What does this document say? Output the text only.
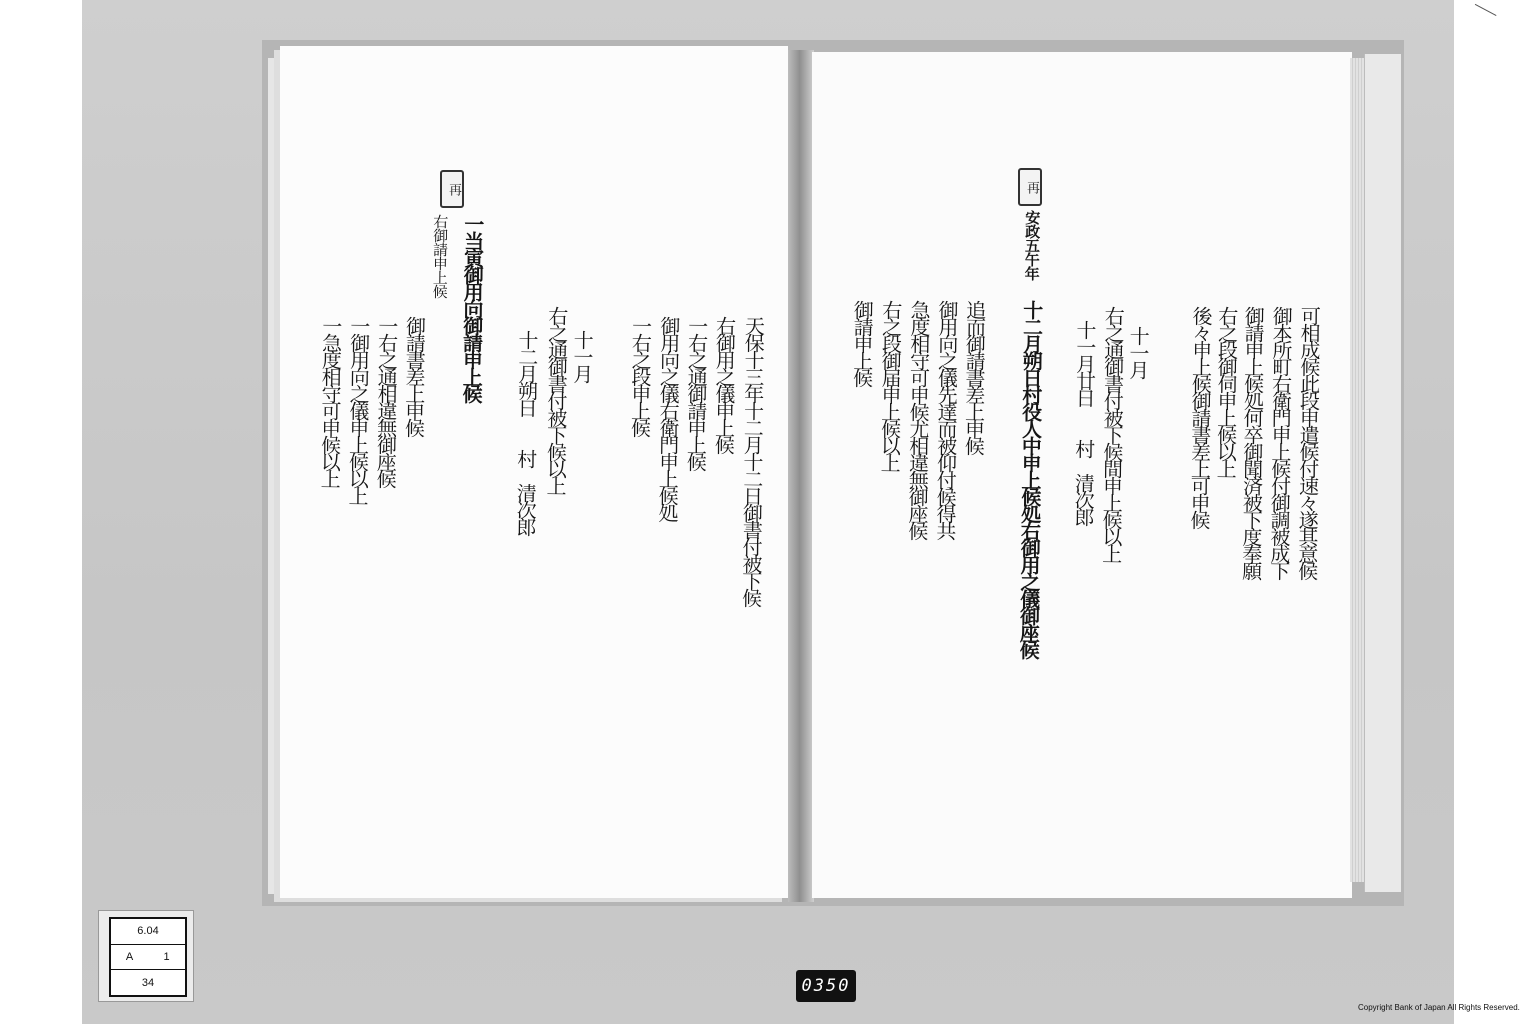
再
安政五午年
可相成候此段申遣候付速々遂其意候
御本所町右衛門申上候付御調被成下
御請申上候処何卒御聞済被下度奉願
右之段御伺申上候以上
後々申上候御請書差上可申候
十一月
右之通御書付被下候間申上候以上
十一月廿日　　村　清次郎
十二月朔日村役人中申上候処右御用之儀御座候
追而御請書差上申候
御用向之儀先達而被仰付候得共
急度相守可申候尤相違無御座候
右之段御届申上候以上
御請申上候
再
右御請申上候
天保十三年十二月十二日御書付被下候
右御用之儀申上候
一右之通御請申上候
御用向之儀右衛門申上候処
一右之段申上候
十一月
右之通御書付被下候以上
十二月朔日　　村　清次郎
一当寅御用向御請申上候
御請書差上申候
一右之通相違無御座候
一御用向之儀申上候以上
一急度相守可申候以上
6.04
A	1
34	0350
Copyright Bank of Japan All Rights Reserved.
